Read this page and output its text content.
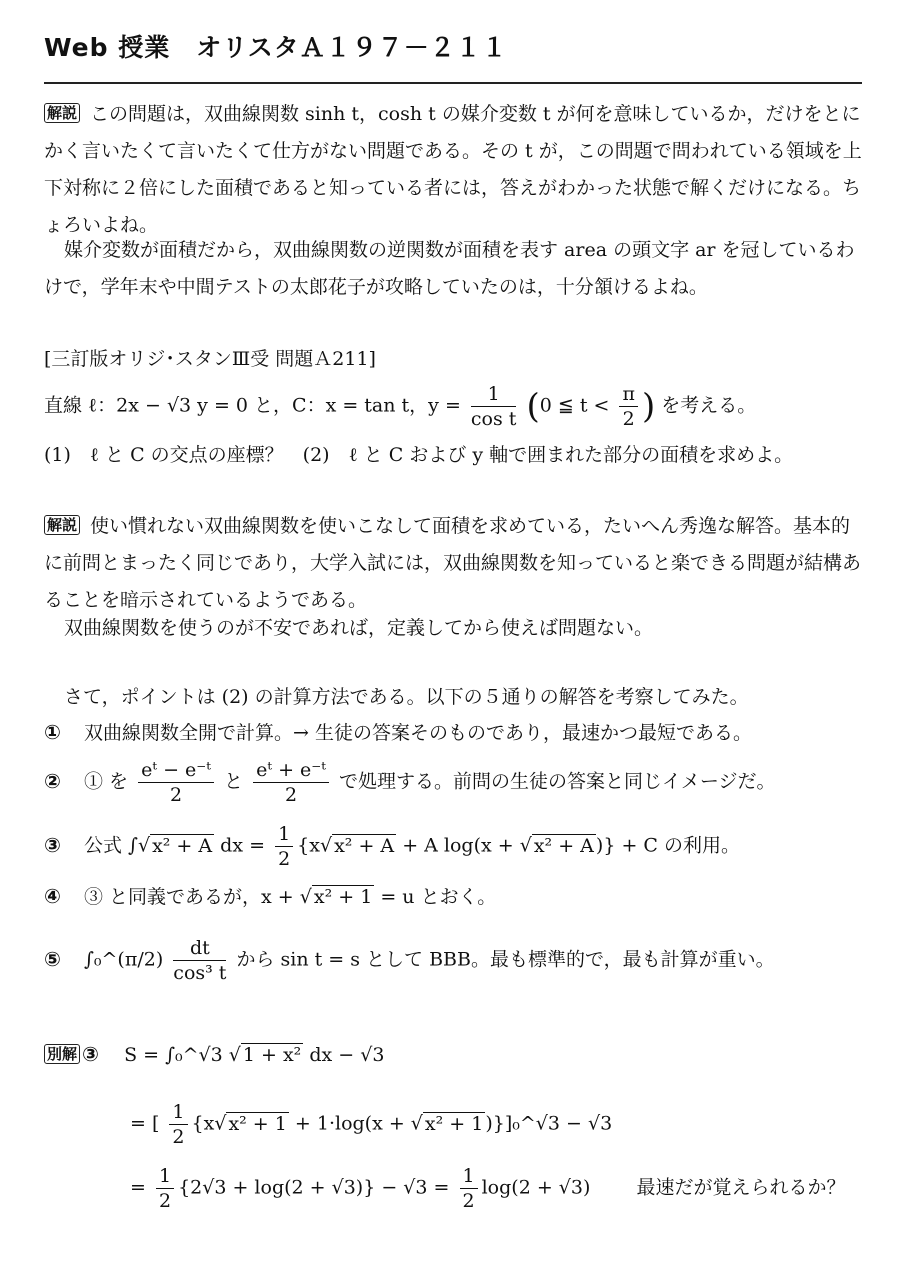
Web 授業　オリスタＡ１９７－２１１
解説 この問題は，双曲線関数 sinh t，cosh t の媒介変数 t が何を意味しているか，だけをとにかく言いたくて言いたくて仕方がない問題である。その t が，この問題で問われている領域を上下対称に２倍にした面積であると知っている者には，答えがわかった状態で解くだけになる。ちょろいよね。
媒介変数が面積だから，双曲線関数の逆関数が面積を表す area の頭文字 ar を冠しているわけで，学年末や中間テストの太郎花子が攻略していたのは，十分頷けるよね。
[三訂版オリジ･スタンⅢ受 問題Ａ211]
直線 ℓ：2x − √3 y = 0 と，C：x = tan t，$y = \frac{1}{\text{cos t}} (0$ ≦ $t < \frac{\pi}{2}$ ) を考える。
(1)　ℓ と C の交点の座標？　(2)　ℓ と C および y 軸で囲まれた部分の面積を求めよ。
解説 使い慣れない双曲線関数を使いこなして面積を求めている，たいへん秀逸な解答。基本的に前問とまったく同じであり，大学入試には，双曲線関数を知っていると楽できる問題が結構あることを暗示されているようである。
双曲線関数を使うのが不安であれば，定義してから使えば問題ない。
さて，ポイントは (2) の計算方法である。以下の５通りの解答を考察してみた。
① 双曲線関数全開で計算。→ 生徒の答案そのものであり，最速かつ最短である。
② ① を $\frac{\text{eᵗ − e⁻ᵗ}}{2}$ と $\frac{\text{eᵗ + e⁻ᵗ}}{2}$ で処理する。前問の生徒の答案と同じイメージだ。
③ 公式 ∫√ x² + A dx = $\frac{1}{2} \{x√$ x² + A + A log(x + √ x² + A )} + C の利用。
④ ③ と同義であるが，x + √ x² + 1 = u とおく。
⑤ ∫₀^(π/2) $\frac{dt}{\text{cos³ t}}$ から sin t = s として BBB。最も標準的で，最も計算が重い。
別解 ③ S = ∫₀^√3 √ 1 + x² dx − √3
= [ $\frac{1}{2} \{x√$ x² + 1 + 1·log(x + √ x² + 1 )}]₀^√3 − √3
= $\frac{1}{2} \{2√3 + \log(2 + √3)\} - √3 = \frac{1}{2} \log(2 + √3)$ 最速だが覚えられるか？
